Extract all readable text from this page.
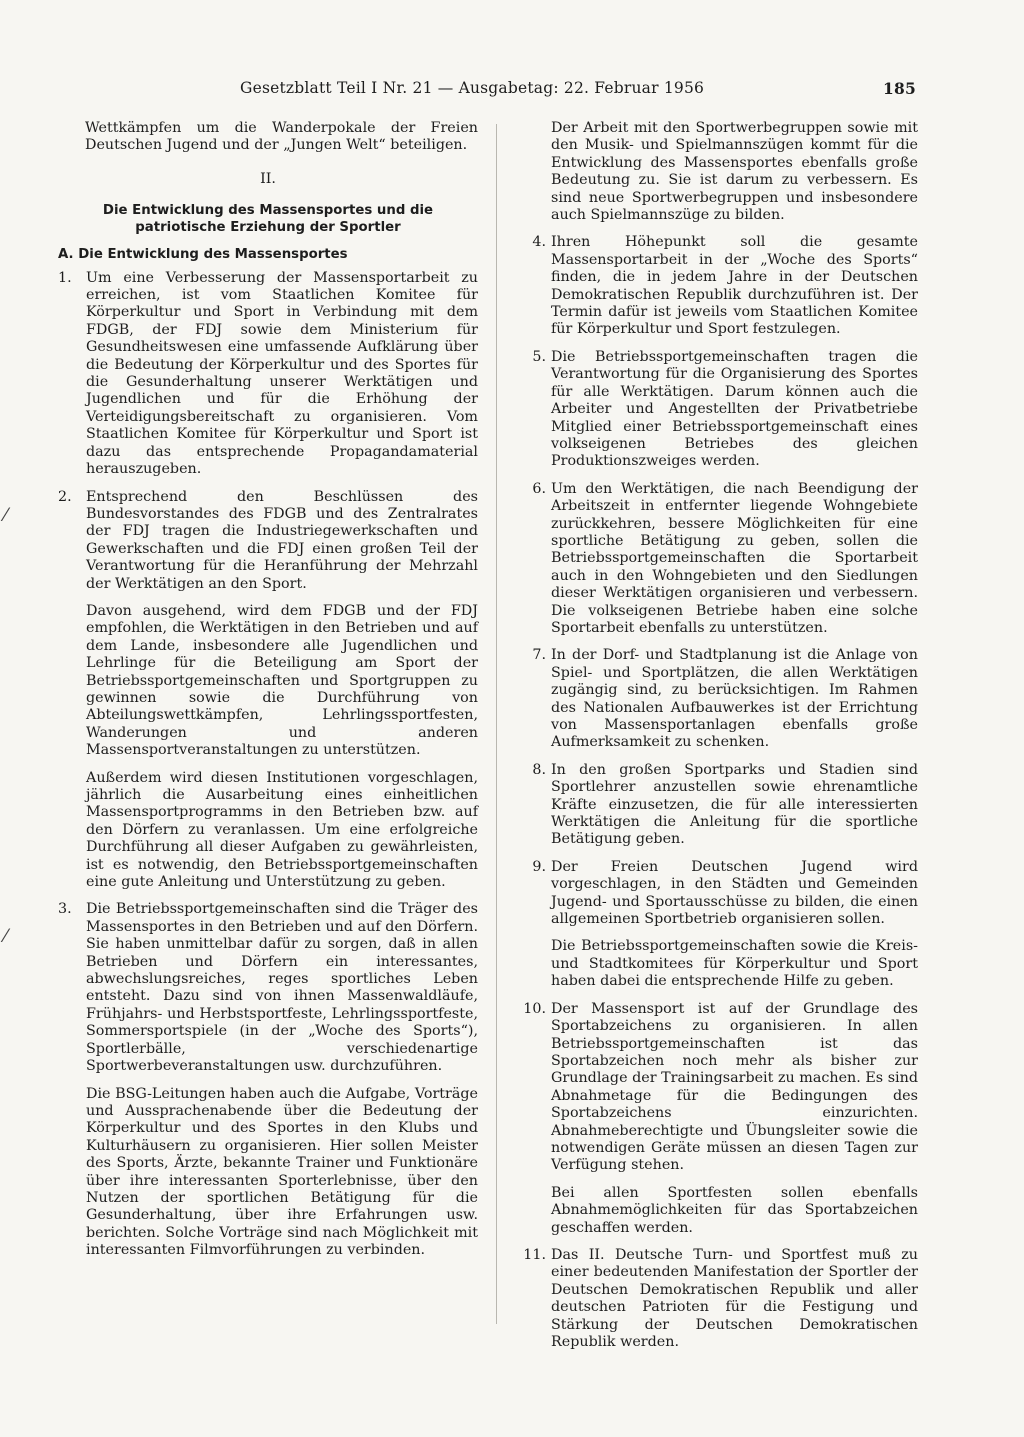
Gesetzblatt Teil I Nr. 21 — Ausgabetag: 22. Februar 1956	185
⁄
⁄

Wettkämpfen um die Wanderpokale der Freien Deutschen Jugend und der „Jungen Welt“ beteiligen.

II.
Die Entwicklung des Massensportes und die patriotische Erziehung der Sportler
A. Die Entwicklung des Massensportes
1.	Um eine Verbesserung der Massensportarbeit zu erreichen, ist vom Staatlichen Komitee für Körperkultur und Sport in Verbindung mit dem FDGB, der FDJ sowie dem Ministerium für Gesundheitswesen eine umfassende Aufklärung über die Bedeutung der Körperkultur und des Sportes für die Gesunderhaltung unserer Werktätigen und Jugendlichen und für die Erhöhung der Verteidigungsbereitschaft zu organisieren. Vom Staatlichen Komitee für Körperkultur und Sport ist dazu das entsprechende Propagandamaterial herauszugeben.

2.	Entsprechend den Beschlüssen des Bundesvorstandes des FDGB und des Zentralrates der FDJ tragen die Industriegewerkschaften und Gewerkschaften und die FDJ einen großen Teil der Verantwortung für die Heranführung der Mehrzahl der Werktätigen an den Sport.

Davon ausgehend, wird dem FDGB und der FDJ empfohlen, die Werktätigen in den Betrieben und auf dem Lande, insbesondere alle Jugendlichen und Lehrlinge für die Beteiligung am Sport der Betriebssportgemeinschaften und Sportgruppen zu gewinnen sowie die Durchführung von Abteilungswettkämpfen, Lehrlingssportfesten, Wanderungen und anderen Massensportveranstaltungen zu unterstützen.

Außerdem wird diesen Institutionen vorgeschlagen, jährlich die Ausarbeitung eines einheitlichen Massensportprogramms in den Betrieben bzw. auf den Dörfern zu veranlassen. Um eine erfolgreiche Durchführung all dieser Aufgaben zu gewährleisten, ist es notwendig, den Betriebssportgemeinschaften eine gute Anleitung und Unterstützung zu geben.

3.	Die Betriebssportgemeinschaften sind die Träger des Massensportes in den Betrieben und auf den Dörfern. Sie haben unmittelbar dafür zu sorgen, daß in allen Betrieben und Dörfern ein interessantes, abwechslungsreiches, reges sportliches Leben entsteht. Dazu sind von ihnen Massenwaldläufe, Frühjahrs- und Herbstsportfeste, Lehrlingssportfeste, Sommersportspiele (in der „Woche des Sports“), Sportlerbälle, verschiedenartige Sportwerbeveranstaltungen usw. durchzuführen.

Die BSG-Leitungen haben auch die Aufgabe, Vorträge und Aussprachenabende über die Bedeutung der Körperkultur und des Sportes in den Klubs und Kulturhäusern zu organisieren. Hier sollen Meister des Sports, Ärzte, bekannte Trainer und Funktionäre über ihre interessanten Sporterlebnisse, über den Nutzen der sportlichen Betätigung für die Gesunderhaltung, über ihre Erfahrungen usw. berichten. Solche Vorträge sind nach Möglichkeit mit interessanten Filmvorführungen zu verbinden.

Der Arbeit mit den Sportwerbegruppen sowie mit den Musik- und Spielmannszügen kommt für die Entwicklung des Massensportes ebenfalls große Bedeutung zu. Sie ist darum zu verbessern. Es sind neue Sportwerbegruppen und insbesondere auch Spielmannszüge zu bilden.

4. Ihren Höhepunkt soll die gesamte Massensportarbeit in der „Woche des Sports“ finden, die in jedem Jahre in der Deutschen Demokratischen Republik durchzuführen ist. Der Termin dafür ist jeweils vom Staatlichen Komitee für Körperkultur und Sport festzulegen.

5. Die Betriebssportgemeinschaften tragen die Verantwortung für die Organisierung des Sportes für alle Werktätigen. Darum können auch die Arbeiter und Angestellten der Privatbetriebe Mitglied einer Betriebssportgemeinschaft eines volkseigenen Betriebes des gleichen Produktionszweiges werden.

6. Um den Werktätigen, die nach Beendigung der Arbeitszeit in entfernter liegende Wohngebiete zurückkehren, bessere Möglichkeiten für eine sportliche Betätigung zu geben, sollen die Betriebssportgemeinschaften die Sportarbeit auch in den Wohngebieten und den Siedlungen dieser Werktätigen organisieren und verbessern. Die volkseigenen Betriebe haben eine solche Sportarbeit ebenfalls zu unterstützen.

7. In der Dorf- und Stadtplanung ist die Anlage von Spiel- und Sportplätzen, die allen Werktätigen zugängig sind, zu berücksichtigen. Im Rahmen des Nationalen Aufbauwerkes ist der Errichtung von Massensportanlagen ebenfalls große Aufmerksamkeit zu schenken.

8. In den großen Sportparks und Stadien sind Sportlehrer anzustellen sowie ehrenamtliche Kräfte einzusetzen, die für alle interessierten Werktätigen die Anleitung für die sportliche Betätigung geben.

9. Der Freien Deutschen Jugend wird vorgeschlagen, in den Städten und Gemeinden Jugend- und Sportausschüsse zu bilden, die einen allgemeinen Sportbetrieb organisieren sollen.

Die Betriebssportgemeinschaften sowie die Kreis- und Stadtkomitees für Körperkultur und Sport haben dabei die entsprechende Hilfe zu geben.

10. Der Massensport ist auf der Grundlage des Sportabzeichens zu organisieren. In allen Betriebssportgemeinschaften ist das Sportabzeichen noch mehr als bisher zur Grundlage der Trainingsarbeit zu machen. Es sind Abnahmetage für die Bedingungen des Sportabzeichens einzurichten. Abnahmeberechtigte und Übungsleiter sowie die notwendigen Geräte müssen an diesen Tagen zur Verfügung stehen.

Bei allen Sportfesten sollen ebenfalls Abnahmemöglichkeiten für das Sportabzeichen geschaffen werden.

11. Das II. Deutsche Turn- und Sportfest muß zu einer bedeutenden Manifestation der Sportler der Deutschen Demokratischen Republik und aller deutschen Patrioten für die Festigung und Stärkung der Deutschen Demokratischen Republik werden.
